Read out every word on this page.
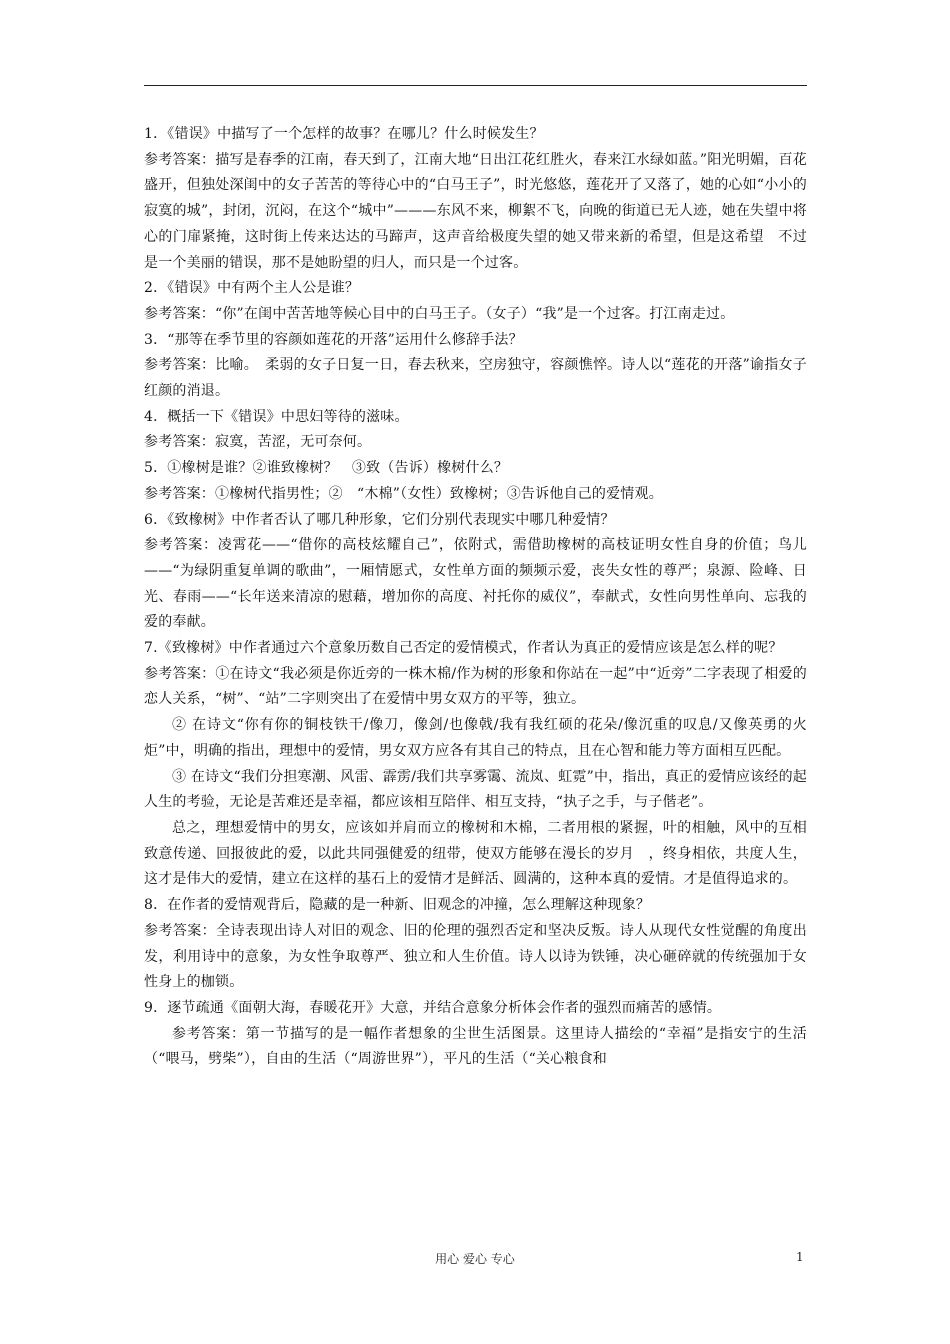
1．《错误》中描写了一个怎样的故事？在哪儿？什么时候发生？

参考答案：描写是春季的江南，春天到了，江南大地“日出江花红胜火，春来江水绿如蓝。”阳光明媚，百花盛开，但独处深闺中的女子苦苦的等待心中的“白马王子”，时光悠悠，莲花开了又落了，她的心如“小小的寂寞的城”，封闭，沉闷，在这个“城中”———东风不来，柳絮不飞，向晚的街道已无人迹，她在失望中将心的门扉紧掩，这时街上传来达达的马蹄声，这声音给极度失望的她又带来新的希望，但是这希望　不过是一个美丽的错误，那不是她盼望的归人，而只是一个过客。

2．《错误》中有两个主人公是谁？

参考答案：“你”在闺中苦苦地等候心目中的白马王子。（女子）“我”是一个过客。打江南走过。

3．“那等在季节里的容颜如莲花的开落”运用什么修辞手法？

参考答案：比喻。　柔弱的女子日复一日，春去秋来，空房独守，容颜憔悴。诗人以“莲花的开落”谕指女子红颜的消退。

4．概括一下《错误》中思妇等待的滋味。

参考答案：寂寞，苦涩，无可奈何。

5．①橡树是谁？②谁致橡树？　③致（告诉）橡树什么？

参考答案：①橡树代指男性；②　“木棉”（女性）致橡树；③告诉他自己的爱情观。

6．《致橡树》中作者否认了哪几种形象，它们分别代表现实中哪几种爱情？

参考答案：凌霄花——“借你的高枝炫耀自己”，依附式，需借助橡树的高枝证明女性自身的价值；鸟儿——“为绿阴重复单调的歌曲”，一厢情愿式，女性单方面的频频示爱，丧失女性的尊严；泉源、险峰、日光、春雨——“长年送来清凉的慰藉，增加你的高度、衬托你的威仪”，奉献式，女性向男性单向、忘我的爱的奉献。

7.《致橡树》中作者通过六个意象历数自己否定的爱情模式，作者认为真正的爱情应该是怎么样的呢？

参考答案：①在诗文“我必须是你近旁的一株木棉/作为树的形象和你站在一起”中“近旁”二字表现了相爱的恋人关系，“树”、“站”二字则突出了在爱情中男女双方的平等，独立。

② 在诗文“你有你的铜枝铁干/像刀，像剑/也像戟/我有我红硕的花朵/像沉重的叹息/又像英勇的火炬”中，明确的指出，理想中的爱情，男女双方应各有其自己的特点，且在心智和能力等方面相互匹配。

③ 在诗文“我们分担寒潮、风雷、霹雳/我们共享雾霭、流岚、虹霓”中，指出，真正的爱情应该经的起人生的考验，无论是苦难还是幸福，都应该相互陪伴、相互支持，“执子之手，与子偕老”。

总之，理想爱情中的男女，应该如并肩而立的橡树和木棉，二者用根的紧握，叶的相触，风中的互相致意传递、回报彼此的爱，以此共同强健爱的纽带，使双方能够在漫长的岁月　，终身相依，共度人生，这才是伟大的爱情，建立在这样的基石上的爱情才是鲜活、圆满的，这种本真的爱情。才是值得追求的。

8．在作者的爱情观背后，隐藏的是一种新、旧观念的冲撞，怎么理解这种现象？

参考答案：全诗表现出诗人对旧的观念、旧的伦理的强烈否定和坚决反叛。诗人从现代女性觉醒的角度出发，利用诗中的意象，为女性争取尊严、独立和人生价值。诗人以诗为铁锤，决心砸碎就的传统强加于女性身上的枷锁。

9．逐节疏通《面朝大海，春暖花开》大意，并结合意象分析体会作者的强烈而痛苦的感情。

参考答案：第一节描写的是一幅作者想象的尘世生活图景。这里诗人描绘的“幸福”是指安宁的生活（“喂马，劈柴”），自由的生活（“周游世界”），平凡的生活（“关心粮食和

用心 爱心 专心	1
